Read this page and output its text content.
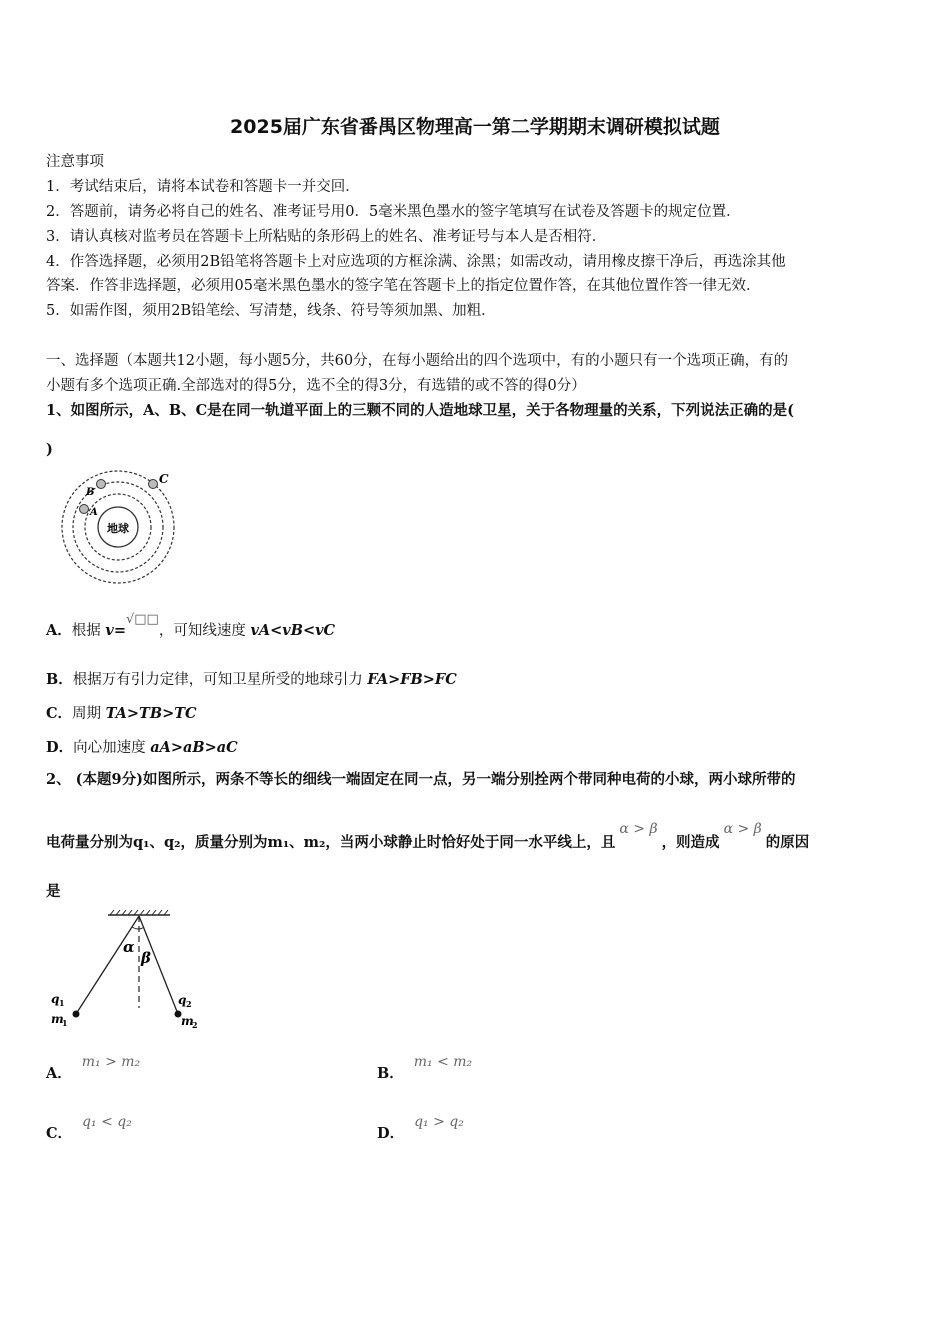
2025届广东省番禺区物理高一第二学期期末调研模拟试题
注意事项
1．考试结束后，请将本试卷和答题卡一并交回．
2．答题前，请务必将自己的姓名、准考证号用0．5毫米黑色墨水的签字笔填写在试卷及答题卡的规定位置．
3．请认真核对监考员在答题卡上所粘贴的条形码上的姓名、准考证号与本人是否相符．
4．作答选择题，必须用2B铅笔将答题卡上对应选项的方框涂满、涂黑；如需改动，请用橡皮擦干净后，再选涂其他
答案．作答非选择题，必须用05毫米黑色墨水的签字笔在答题卡上的指定位置作答，在其他位置作答一律无效．
5．如需作图，须用2B铅笔绘、写清楚，线条、符号等须加黑、加粗．
一、选择题（本题共12小题，每小题5分，共60分，在每小题给出的四个选项中，有的小题只有一个选项正确，有的
小题有多个选项正确.全部选对的得5分，选不全的得3分，有选错的或不答的得0分）
1、如图所示，A、B、C是在同一轨道平面上的三颗不同的人造地球卫星，关于各物理量的关系，下列说法正确的是(
)
地球
A
B
C
A．根据 v=√□□，可知线速度 vA<vB<vC
B．根据万有引力定律，可知卫星所受的地球引力 FA>FB>FC
C．周期 TA>TB>TC
D．向心加速度 aA>aB>aC
2、 (本题9分)如图所示，两条不等长的细线一端固定在同一点，另一端分别拴两个带同种电荷的小球，两小球所带的
电荷量分别为q₁、q₂，质量分别为m₁、m₂，当两小球静止时恰好处于同一水平线上，且α > β，则造成α > β的原因
是
α
β
q 1
m
1
q 2
m
2
A．m₁ > m₂
B．m₁ < m₂
C．q₁ < q₂
D．q₁ > q₂
